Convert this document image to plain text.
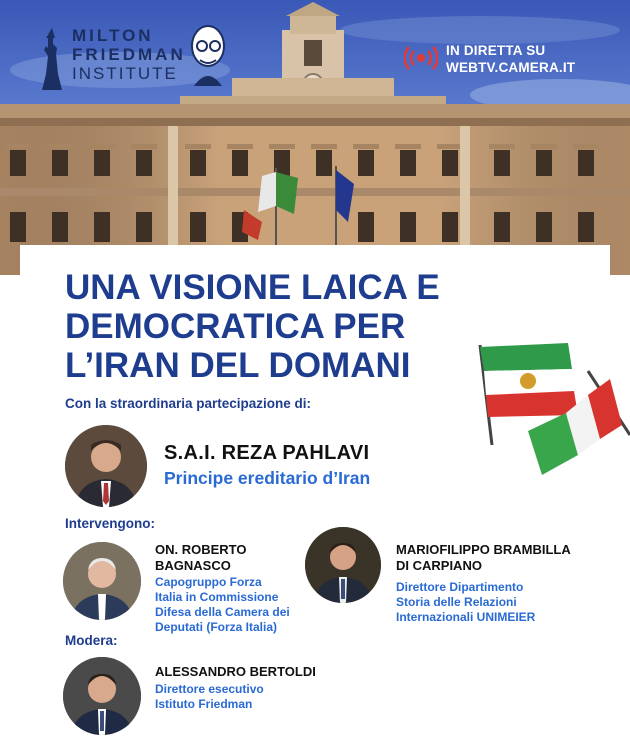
MILTON
FRIEDMAN
INSTITUTE
IN DIRETTA SU
WEBTV.CAMERA.IT
UNA VISIONE LAICA E
DEMOCRATICA PER
L’IRAN DEL DOMANI
Con la straordinaria partecipazione di:
S.A.I. REZA PAHLAVI
Principe ereditario d’Iran
Intervengono:
ON. ROBERTO
BAGNASCO
Capogruppo Forza
Italia in Commissione
Difesa della Camera dei
Deputati (Forza Italia)
MARIOFILIPPO BRAMBILLA
DI CARPIANO
Direttore Dipartimento
Storia delle Relazioni
Internazionali UNIMEIER
Modera:
ALESSANDRO BERTOLDI
Direttore esecutivo
Istituto Friedman
